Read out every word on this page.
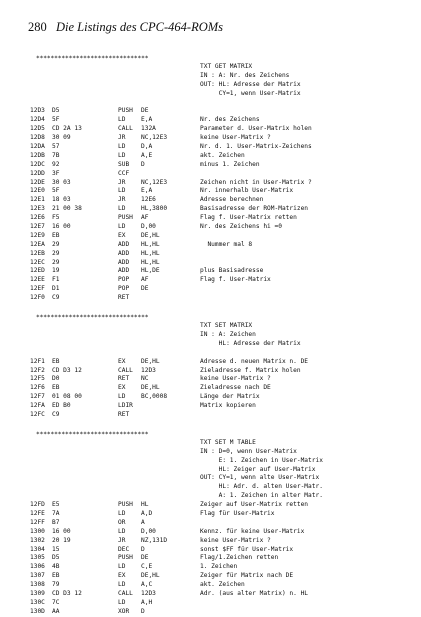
280 Die Listings des CPC-464-ROMs
*******************************
TXT GET MATRIX
IN : A: Nr. des Zeichens
OUT: HL: Adresse der Matrix
CY=1, wenn User-Matrix
12D3 D5	PUSH DE
12D4 5F	LD	E,A	Nr. des Zeichens
12D5 CD 2A 13	CALL 132A	Parameter d. User-Matrix holen
12D8 30 09	JR	NC,12E3	keine User-Matrix ?
12DA 57	LD	D,A	Nr. d. 1. User-Matrix-Zeichens
12DB 7B	LD	A,E	akt. Zeichen
12DC 92	SUB D	minus 1. Zeichen
12DD 3F	CCF
12DE 30 03	JR	NC,12E3	Zeichen nicht in User-Matrix ?
12E0 5F	LD	E,A	Nr. innerhalb User-Matrix
12E1 18 03	JR	12E6	Adresse berechnen
12E3 21 00 38	LD	HL,3800	Basisadresse der ROM-Matrizen
12E6 F5	PUSH AF	Flag f. User-Matrix retten
12E7 16 00	LD	D,00	Nr. des Zeichens hi =0
12E9 EB	EX	DE,HL
12EA 29	ADD HL,HL	Nummer mal 8
12EB 29	ADD HL,HL
12EC 29	ADD HL,HL
12ED 19	ADD HL,DE	plus Basisadresse
12EE F1	POP AF	Flag f. User-Matrix
12EF D1	POP DE
12F0 C9	RET
*******************************
TXT SET MATRIX
IN : A: Zeichen
HL: Adresse der Matrix
12F1 EB	EX	DE,HL	Adresse d. neuen Matrix n. DE
12F2 CD D3 12	CALL 12D3	Zieladresse f. Matrix holen
12F5 D0	RET NC	keine User-Matrix ?
12F6 EB	EX	DE,HL	Zieladresse nach DE
12F7 01 08 00	LD	BC,0008	Länge der Matrix
12FA ED B0	LDIR	Matrix kopieren
12FC C9	RET
*******************************
TXT SET M TABLE
IN : D=0, wenn User-Matrix
E: 1. Zeichen in User-Matrix
HL: Zeiger auf User-Matrix
OUT: CY=1, wenn alte User-Matrix
HL: Adr. d. alten User-Matr.
A: 1. Zeichen in alter Matr.
12FD E5	PUSH HL	Zeiger auf User-Matrix retten
12FE 7A	LD	A,D	Flag für User-Matrix
12FF B7	OR	A
1300 16 00	LD	D,00	Kennz. für keine User-Matrix
1302 20 19	JR	NZ,131D	keine User-Matrix ?
1304 15	DEC D	sonst $FF für User-Matrix
1305 D5	PUSH DE	Flag/1.Zeichen retten
1306 4B	LD	C,E	1. Zeichen
1307 EB	EX	DE,HL	Zeiger für Matrix nach DE
1308 79	LD	A,C	akt. Zeichen
1309 CD D3 12	CALL 12D3	Adr. (aus alter Matrix) n. HL
130C 7C	LD	A,H
130D AA	XOR D
